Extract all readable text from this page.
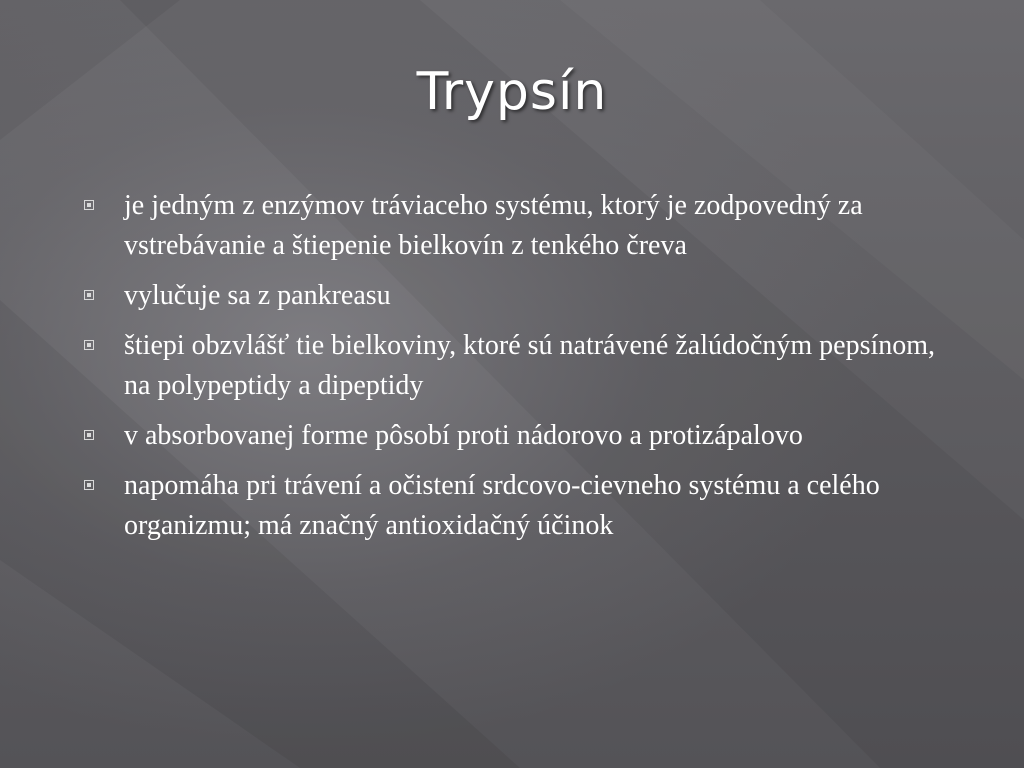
Trypsín
je jedným z enzýmov tráviaceho systému, ktorý je zodpovedný za vstrebávanie a štiepenie bielkovín z tenkého čreva
vylučuje sa z pankreasu
štiepi obzvlášť tie bielkoviny, ktoré sú natrávené žalúdočným pepsínom, na polypeptidy a dipeptidy
v absorbovanej forme pôsobí proti nádorovo a protizápalovo
napomáha pri trávení a očistení srdcovo-cievneho systému a celého organizmu; má značný antioxidačný účinok
